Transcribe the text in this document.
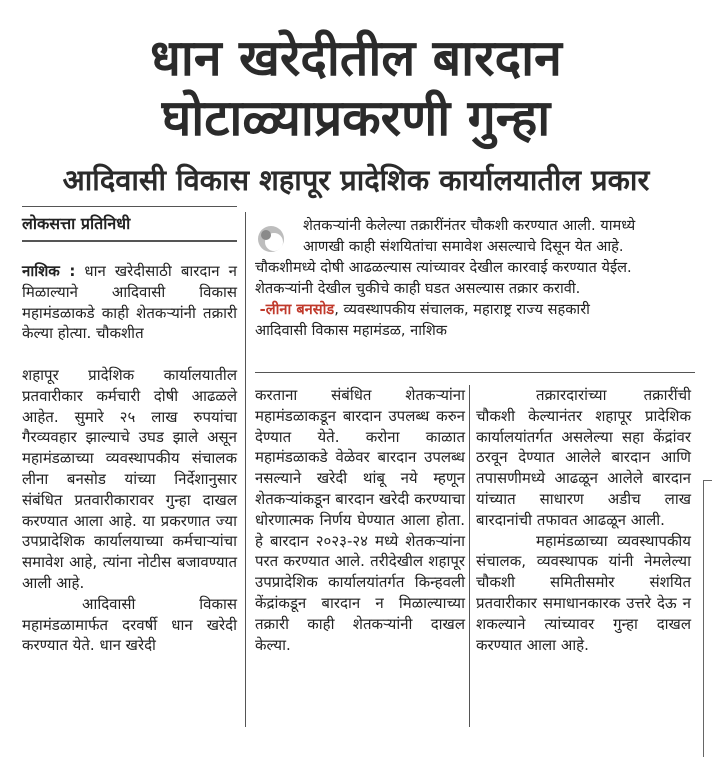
धान खरेदीतील बारदान
घोटाळ्याप्रकरणी गुन्हा
आदिवासी विकास शहापूर प्रादेशिक कार्यालयातील प्रकार
लोकसत्ता प्रतिनिधी	शेतकऱ्यांनी केलेल्या तक्रारींनंतर चौकशी करण्यात आली. यामध्ये
आणखी काही संशयितांचा समावेश असल्याचे दिसून येत आहे.
चौकशीमध्ये दोषी आढळल्यास त्यांच्यावर देखील कारवाई करण्यात येईल.
शेतकऱ्यांनी देखील चुकीचे काही घडत असल्यास तक्रार करावी.
-लीना बनसोड, व्यवस्थापकीय संचालक, महाराष्ट्र राज्य सहकारी
आदिवासी विकास महामंडळ, नाशिक
नाशिक : धान खरेदीसाठी बारदान न मिळाल्याने आदिवासी विकास महामंडळाकडे काही शेतकऱ्यांनी तक्रारी केल्या होत्या. चौकशीत
शहापूर प्रादेशिक कार्यालयातील प्रतवारीकार कर्मचारी दोषी आढळले आहेत. सुमारे २५ लाख रुपयांचा गैरव्यवहार झाल्याचे उघड झाले असून महामंडळाच्या व्यवस्थापकीय संचालक लीना बनसोड यांच्या निर्देशानुसार संबंधित प्रतवारीकारावर गुन्हा दाखल करण्यात आला आहे. या प्रकरणात ज्या उपप्रादेशिक कार्यालयाच्या कर्मचाऱ्यांचा समावेश आहे, त्यांना नोटीस बजावण्यात आली आहे.
आदिवासी विकास महामंडळामार्फत दरवर्षी धान खरेदी करण्यात येते. धान खरेदी
करताना संबंधित शेतकऱ्यांना महामंडळाकडून बारदान उपलब्ध करुन देण्यात येते. करोना काळात महामंडळाकडे वेळेवर बारदान उपलब्ध नसल्याने खरेदी थांबू नये म्हणून शेतकऱ्यांकडून बारदान खरेदी करण्याचा धोरणात्मक निर्णय घेण्यात आला होता. हे बारदान २०२३-२४ मध्ये शेतकऱ्यांना परत करण्यात आले. तरीदेखील शहापूर उपप्रादेशिक कार्यालयांतर्गत किन्हवली केंद्रांकडून बारदान न मिळाल्याच्या तक्रारी काही शेतकऱ्यांनी दाखल केल्या.
तक्रारदारांच्या तक्रारींची चौकशी केल्यानंतर शहापूर प्रादेशिक कार्यालयांतर्गत असलेल्या सहा केंद्रांवर ठरवून देण्यात आलेले बारदान आणि तपासणीमध्ये आढळून आलेले बारदान यांच्यात साधारण अडीच लाख बारदानांची तफावत आढळून आली.
महामंडळाच्या व्यवस्थापकीय संचालक, व्यवस्थापक यांनी नेमलेल्या चौकशी समितीसमोर संशयित प्रतवारीकार समाधानकारक उत्तरे देऊ न शकल्याने त्यांच्यावर गुन्हा दाखल करण्यात आला आहे.
